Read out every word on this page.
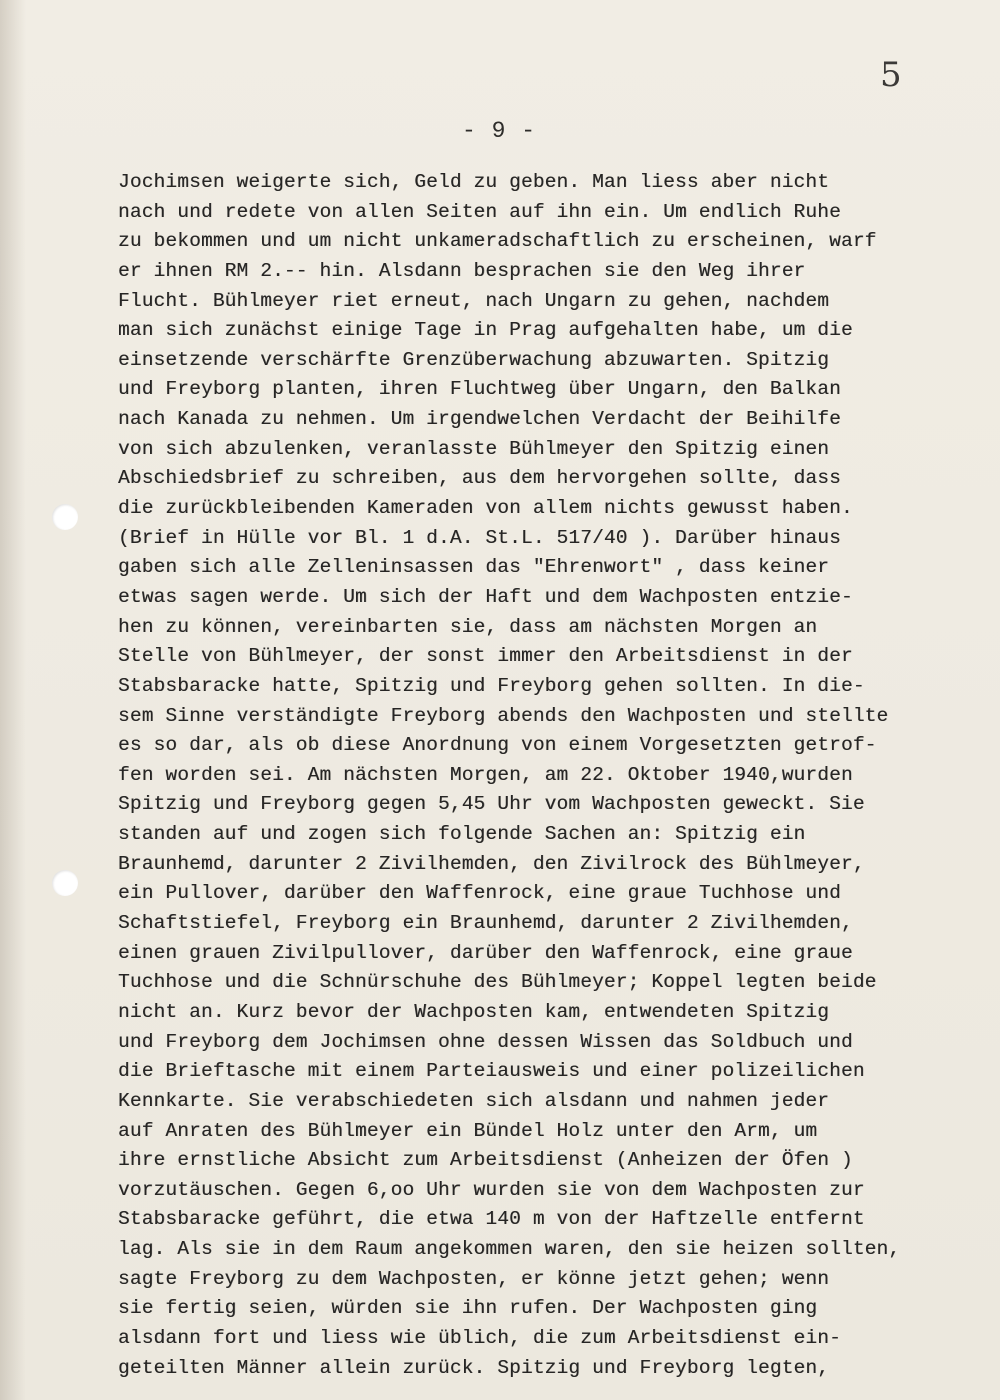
5
- 9 -
Jochimsen weigerte sich, Geld zu geben. Man liess aber nicht
nach und redete von allen Seiten auf ihn ein. Um endlich Ruhe
zu bekommen und um nicht unkameradschaftlich zu erscheinen, warf
er ihnen RM 2.-- hin. Alsdann besprachen sie den Weg ihrer
Flucht. Bühlmeyer riet erneut, nach Ungarn zu gehen, nachdem
man sich zunächst einige Tage in Prag aufgehalten habe, um die
einsetzende verschärfte Grenzüberwachung abzuwarten. Spitzig
und Freyborg planten, ihren Fluchtweg über Ungarn, den Balkan
nach Kanada zu nehmen. Um irgendwelchen Verdacht der Beihilfe
von sich abzulenken, veranlasste Bühlmeyer den Spitzig einen
Abschiedsbrief zu schreiben, aus dem hervorgehen sollte, dass
die zurückbleibenden Kameraden von allem nichts gewusst haben.
(Brief in Hülle vor Bl. 1 d.A. St.L. 517/40 ). Darüber hinaus
gaben sich alle Zelleninsassen das "Ehrenwort" , dass keiner
etwas sagen werde. Um sich der Haft und dem Wachposten entzie-
hen zu können, vereinbarten sie, dass am nächsten Morgen an
Stelle von Bühlmeyer, der sonst immer den Arbeitsdienst in der
Stabsbaracke hatte, Spitzig und Freyborg gehen sollten. In die-
sem Sinne verständigte Freyborg abends den Wachposten und stellte
es so dar, als ob diese Anordnung von einem Vorgesetzten getrof-
fen worden sei. Am nächsten Morgen, am 22. Oktober 1940,wurden
Spitzig und Freyborg gegen 5,45 Uhr vom Wachposten geweckt. Sie
standen auf und zogen sich folgende Sachen an: Spitzig ein
Braunhemd, darunter 2 Zivilhemden, den Zivilrock des Bühlmeyer,
ein Pullover, darüber den Waffenrock, eine graue Tuchhose und
Schaftstiefel, Freyborg ein Braunhemd, darunter 2 Zivilhemden,
einen grauen Zivilpullover, darüber den Waffenrock, eine graue
Tuchhose und die Schnürschuhe des Bühlmeyer; Koppel legten beide
nicht an. Kurz bevor der Wachposten kam, entwendeten Spitzig
und Freyborg dem Jochimsen ohne dessen Wissen das Soldbuch und
die Brieftasche mit einem Parteiausweis und einer polizeilichen
Kennkarte. Sie verabschiedeten sich alsdann und nahmen jeder
auf Anraten des Bühlmeyer ein Bündel Holz unter den Arm, um
ihre ernstliche Absicht zum Arbeitsdienst (Anheizen der Öfen )
vorzutäuschen. Gegen 6,oo Uhr wurden sie von dem Wachposten zur
Stabsbaracke geführt, die etwa 140 m von der Haftzelle entfernt
lag. Als sie in dem Raum angekommen waren, den sie heizen sollten,
sagte Freyborg zu dem Wachposten, er könne jetzt gehen; wenn
sie fertig seien, würden sie ihn rufen. Der Wachposten ging
alsdann fort und liess wie üblich, die zum Arbeitsdienst ein-
geteilten Männer allein zurück. Spitzig und Freyborg legten,
